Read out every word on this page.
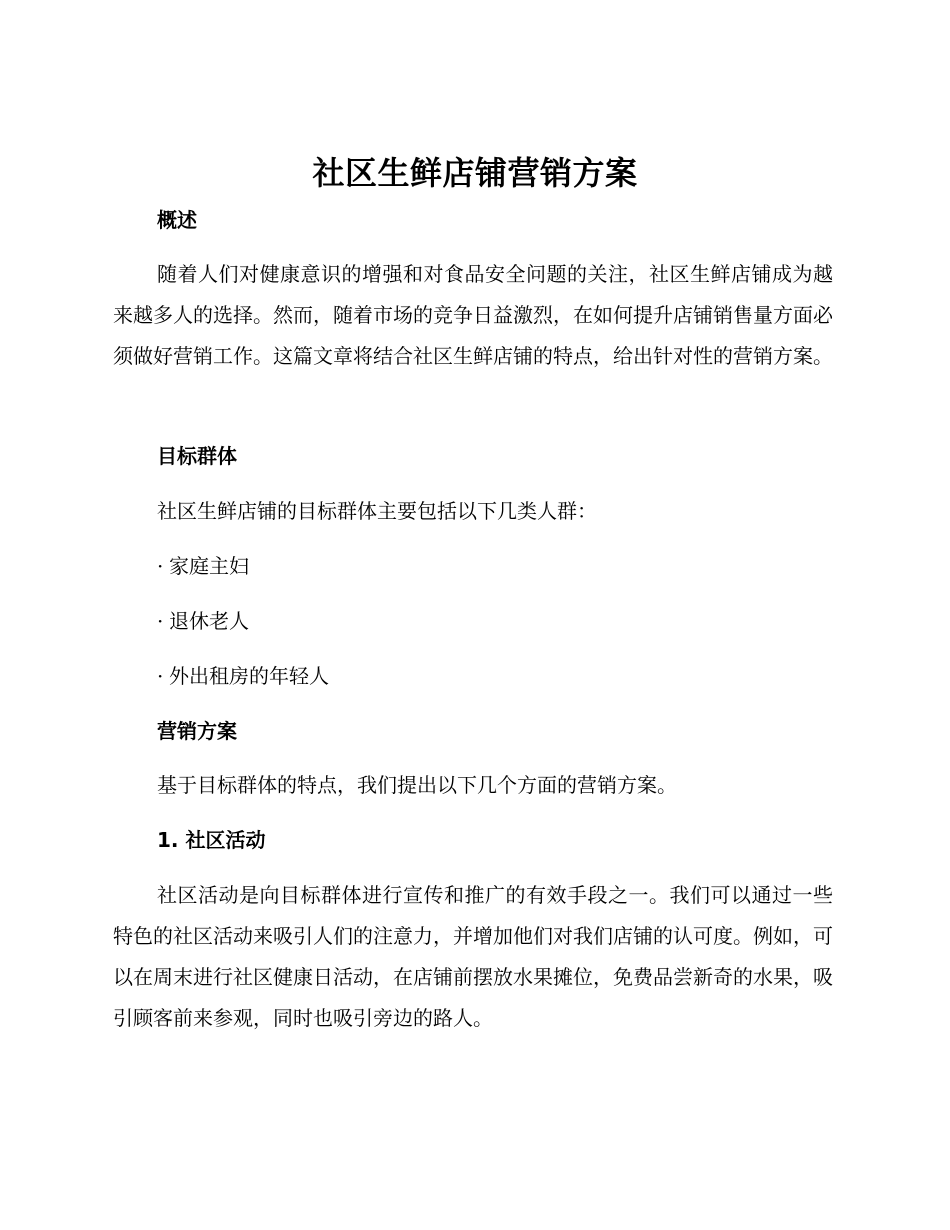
社区生鲜店铺营销方案
概述

随着人们对健康意识的增强和对食品安全问题的关注，社区生鲜店铺成为越来越多人的选择。然而，随着市场的竞争日益激烈，在如何提升店铺销售量方面必须做好营销工作。这篇文章将结合社区生鲜店铺的特点，给出针对性的营销方案。

目标群体
社区生鲜店铺的目标群体主要包括以下几类人群：
· 家庭主妇
· 退休老人
· 外出租房的年轻人
营销方案
基于目标群体的特点，我们提出以下几个方面的营销方案。
1. 社区活动

社区活动是向目标群体进行宣传和推广的有效手段之一。我们可以通过一些特色的社区活动来吸引人们的注意力，并增加他们对我们店铺的认可度。例如，可以在周末进行社区健康日活动，在店铺前摆放水果摊位，免费品尝新奇的水果，吸引顾客前来参观，同时也吸引旁边的路人。
